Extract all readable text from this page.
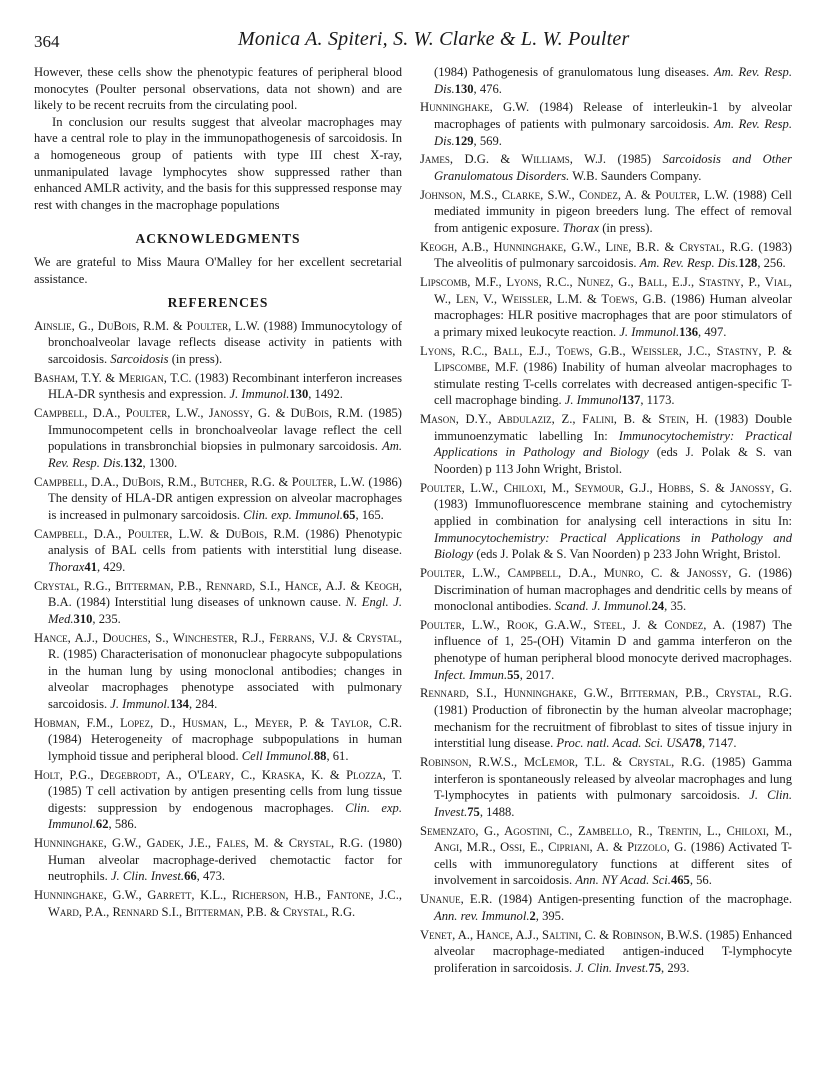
364	Monica A. Spiteri, S. W. Clarke & L. W. Poulter

However, these cells show the phenotypic features of peripheral blood monocytes (Poulter personal observations, data not shown) and are likely to be recent recruits from the circulating pool.

In conclusion our results suggest that alveolar macrophages may have a central role to play in the immunopathogenesis of sarcoidosis. In a homogeneous group of patients with type III chest X-ray, unmanipulated lavage lymphocytes show suppressed rather than enhanced AMLR activity, and the basis for this suppressed response may rest with changes in the macrophage populations

ACKNOWLEDGMENTS

We are grateful to Miss Maura O'Malley for her excellent secretarial assistance.

REFERENCES

Ainslie, G., DuBois, R.M. & Poulter, L.W. (1988) Immunocytology of bronchoalveolar lavage reflects disease activity in patients with sarcoidosis. Sarcoidosis (in press).

Basham, T.Y. & Merigan, T.C. (1983) Recombinant interferon increases HLA-DR synthesis and expression. J. Immunol.130, 1492.

Campbell, D.A., Poulter, L.W., Janossy, G. & DuBois, R.M. (1985) Immunocompetent cells in bronchoalveolar lavage reflect the cell populations in transbronchial biopsies in pulmonary sarcoidosis. Am. Rev. Resp. Dis.132, 1300.

Campbell, D.A., DuBois, R.M., Butcher, R.G. & Poulter, L.W. (1986) The density of HLA-DR antigen expression on alveolar macrophages is increased in pulmonary sarcoidosis. Clin. exp. Immunol.65, 165.

Campbell, D.A., Poulter, L.W. & DuBois, R.M. (1986) Phenotypic analysis of BAL cells from patients with interstitial lung disease. Thorax41, 429.

Crystal, R.G., Bitterman, P.B., Rennard, S.I., Hance, A.J. & Keogh, B.A. (1984) Interstitial lung diseases of unknown cause. N. Engl. J. Med.310, 235.

Hance, A.J., Douches, S., Winchester, R.J., Ferrans, V.J. & Crystal, R. (1985) Characterisation of mononuclear phagocyte subpopulations in the human lung by using monoclonal antibodies; changes in alveolar macrophages phenotype associated with pulmonary sarcoidosis. J. Immunol.134, 284.

Hobman, F.M., Lopez, D., Husman, L., Meyer, P. & Taylor, C.R. (1984) Heterogeneity of macrophage subpopulations in human lymphoid tissue and peripheral blood. Cell Immunol.88, 61.

Holt, P.G., Degebrodt, A., O'Leary, C., Kraska, K. & Plozza, T. (1985) T cell activation by antigen presenting cells from lung tissue digests: suppression by endogenous macrophages. Clin. exp. Immunol.62, 586.

Hunninghake, G.W., Gadek, J.E., Fales, M. & Crystal, R.G. (1980) Human alveolar macrophage-derived chemotactic factor for neutrophils. J. Clin. Invest.66, 473.

Hunninghake, G.W., Garrett, K.L., Richerson, H.B., Fantone, J.C., Ward, P.A., Rennard S.I., Bitterman, P.B. & Crystal, R.G.

(1984) Pathogenesis of granulomatous lung diseases. Am. Rev. Resp. Dis.130, 476.

Hunninghake, G.W. (1984) Release of interleukin-1 by alveolar macrophages of patients with pulmonary sarcoidosis. Am. Rev. Resp. Dis.129, 569.

James, D.G. & Williams, W.J. (1985) Sarcoidosis and Other Granulomatous Disorders. W.B. Saunders Company.

Johnson, M.S., Clarke, S.W., Condez, A. & Poulter, L.W. (1988) Cell mediated immunity in pigeon breeders lung. The effect of removal from antigenic exposure. Thorax (in press).

Keogh, A.B., Hunninghake, G.W., Line, B.R. & Crystal, R.G. (1983) The alveolitis of pulmonary sarcoidosis. Am. Rev. Resp. Dis.128, 256.

Lipscomb, M.F., Lyons, R.C., Nunez, G., Ball, E.J., Stastny, P., Vial, W., Len, V., Weissler, L.M. & Toews, G.B. (1986) Human alveolar macrophages: HLR positive macrophages that are poor stimulators of a primary mixed leukocyte reaction. J. Immunol.136, 497.

Lyons, R.C., Ball, E.J., Toews, G.B., Weissler, J.C., Stastny, P. & Lipscombe, M.F. (1986) Inability of human alveolar macrophages to stimulate resting T-cells correlates with decreased antigen-specific T-cell macrophage binding. J. Immunol137, 1173.

Mason, D.Y., Abdulaziz, Z., Falini, B. & Stein, H. (1983) Double immunoenzymatic labelling In: Immunocytochemistry: Practical Applications in Pathology and Biology (eds J. Polak & S. van Noorden) p 113 John Wright, Bristol.

Poulter, L.W., Chiloxi, M., Seymour, G.J., Hobbs, S. & Janossy, G. (1983) Immunofluorescence membrane staining and cytochemistry applied in combination for analysing cell interactions in situ In: Immunocytochemistry: Practical Applications in Pathology and Biology (eds J. Polak & S. Van Noorden) p 233 John Wright, Bristol.

Poulter, L.W., Campbell, D.A., Munro, C. & Janossy, G. (1986) Discrimination of human macrophages and dendritic cells by means of monoclonal antibodies. Scand. J. Immunol.24, 35.

Poulter, L.W., Rook, G.A.W., Steel, J. & Condez, A. (1987) The influence of 1, 25-(OH) Vitamin D and gamma interferon on the phenotype of human peripheral blood monocyte derived macrophages. Infect. Immun.55, 2017.

Rennard, S.I., Hunninghake, G.W., Bitterman, P.B., Crystal, R.G. (1981) Production of fibronectin by the human alveolar macrophage; mechanism for the recruitment of fibroblast to sites of tissue injury in interstitial lung disease. Proc. natl. Acad. Sci. USA78, 7147.

Robinson, R.W.S., McLemor, T.L. & Crystal, R.G. (1985) Gamma interferon is spontaneously released by alveolar macrophages and lung T-lymphocytes in patients with pulmonary sarcoidosis. J. Clin. Invest.75, 1488.

Semenzato, G., Agostini, C., Zambello, R., Trentin, L., Chiloxi, M., Angi, M.R., Ossi, E., Cipriani, A. & Pizzolo, G. (1986) Activated T-cells with immunoregulatory functions at different sites of involvement in sarcoidosis. Ann. NY Acad. Sci.465, 56.

Unanue, E.R. (1984) Antigen-presenting function of the macrophage. Ann. rev. Immunol.2, 395.

Venet, A., Hance, A.J., Saltini, C. & Robinson, B.W.S. (1985) Enhanced alveolar macrophage-mediated antigen-induced T-lymphocyte proliferation in sarcoidosis. J. Clin. Invest.75, 293.
